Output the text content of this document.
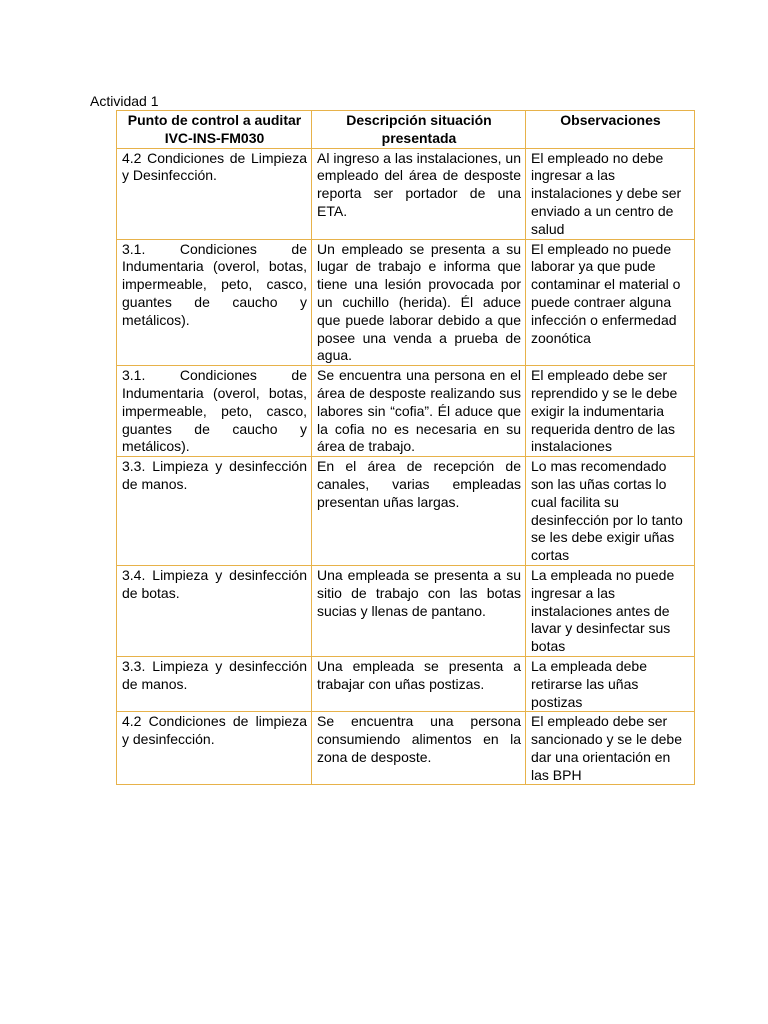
Actividad 1
Punto de control a auditar IVC-INS-FM030	Descripción situación presentada	Observaciones
4.2 Condiciones de Limpieza y Desinfección.	Al ingreso a las instalaciones, un empleado del área de desposte reporta ser portador de una ETA.	El empleado no debe ingresar a las instalaciones y debe ser enviado a un centro de salud
3.1. Condiciones de Indumentaria (overol, botas, impermeable, peto, casco, guantes de caucho y metálicos).	Un empleado se presenta a su lugar de trabajo e informa que tiene una lesión provocada por un cuchillo (herida). Él aduce que puede laborar debido a que posee una venda a prueba de agua.	El empleado no puede laborar ya que pude contaminar el material o puede contraer alguna infección o enfermedad zoonótica
3.1. Condiciones de Indumentaria (overol, botas, impermeable, peto, casco, guantes de caucho y metálicos).	Se encuentra una persona en el área de desposte realizando sus labores sin “cofia”. Él aduce que la cofia no es necesaria en su área de trabajo.	El empleado debe ser reprendido y se le debe exigir la indumentaria requerida dentro de las instalaciones
3.3. Limpieza y desinfección de manos.	En el área de recepción de canales, varias empleadas presentan uñas largas.	Lo mas recomendado son las uñas cortas lo cual facilita su desinfección por lo tanto se les debe exigir uñas cortas
3.4. Limpieza y desinfección de botas.	Una empleada se presenta a su sitio de trabajo con las botas sucias y llenas de pantano.	La empleada no puede ingresar a las instalaciones antes de lavar y desinfectar sus botas
3.3. Limpieza y desinfección de manos.	Una empleada se presenta a trabajar con uñas postizas.	La empleada debe retirarse las uñas postizas
4.2 Condiciones de limpieza y desinfección.	Se encuentra una persona consumiendo alimentos en la zona de desposte.	El empleado debe ser sancionado y se le debe dar una orientación en las BPH
